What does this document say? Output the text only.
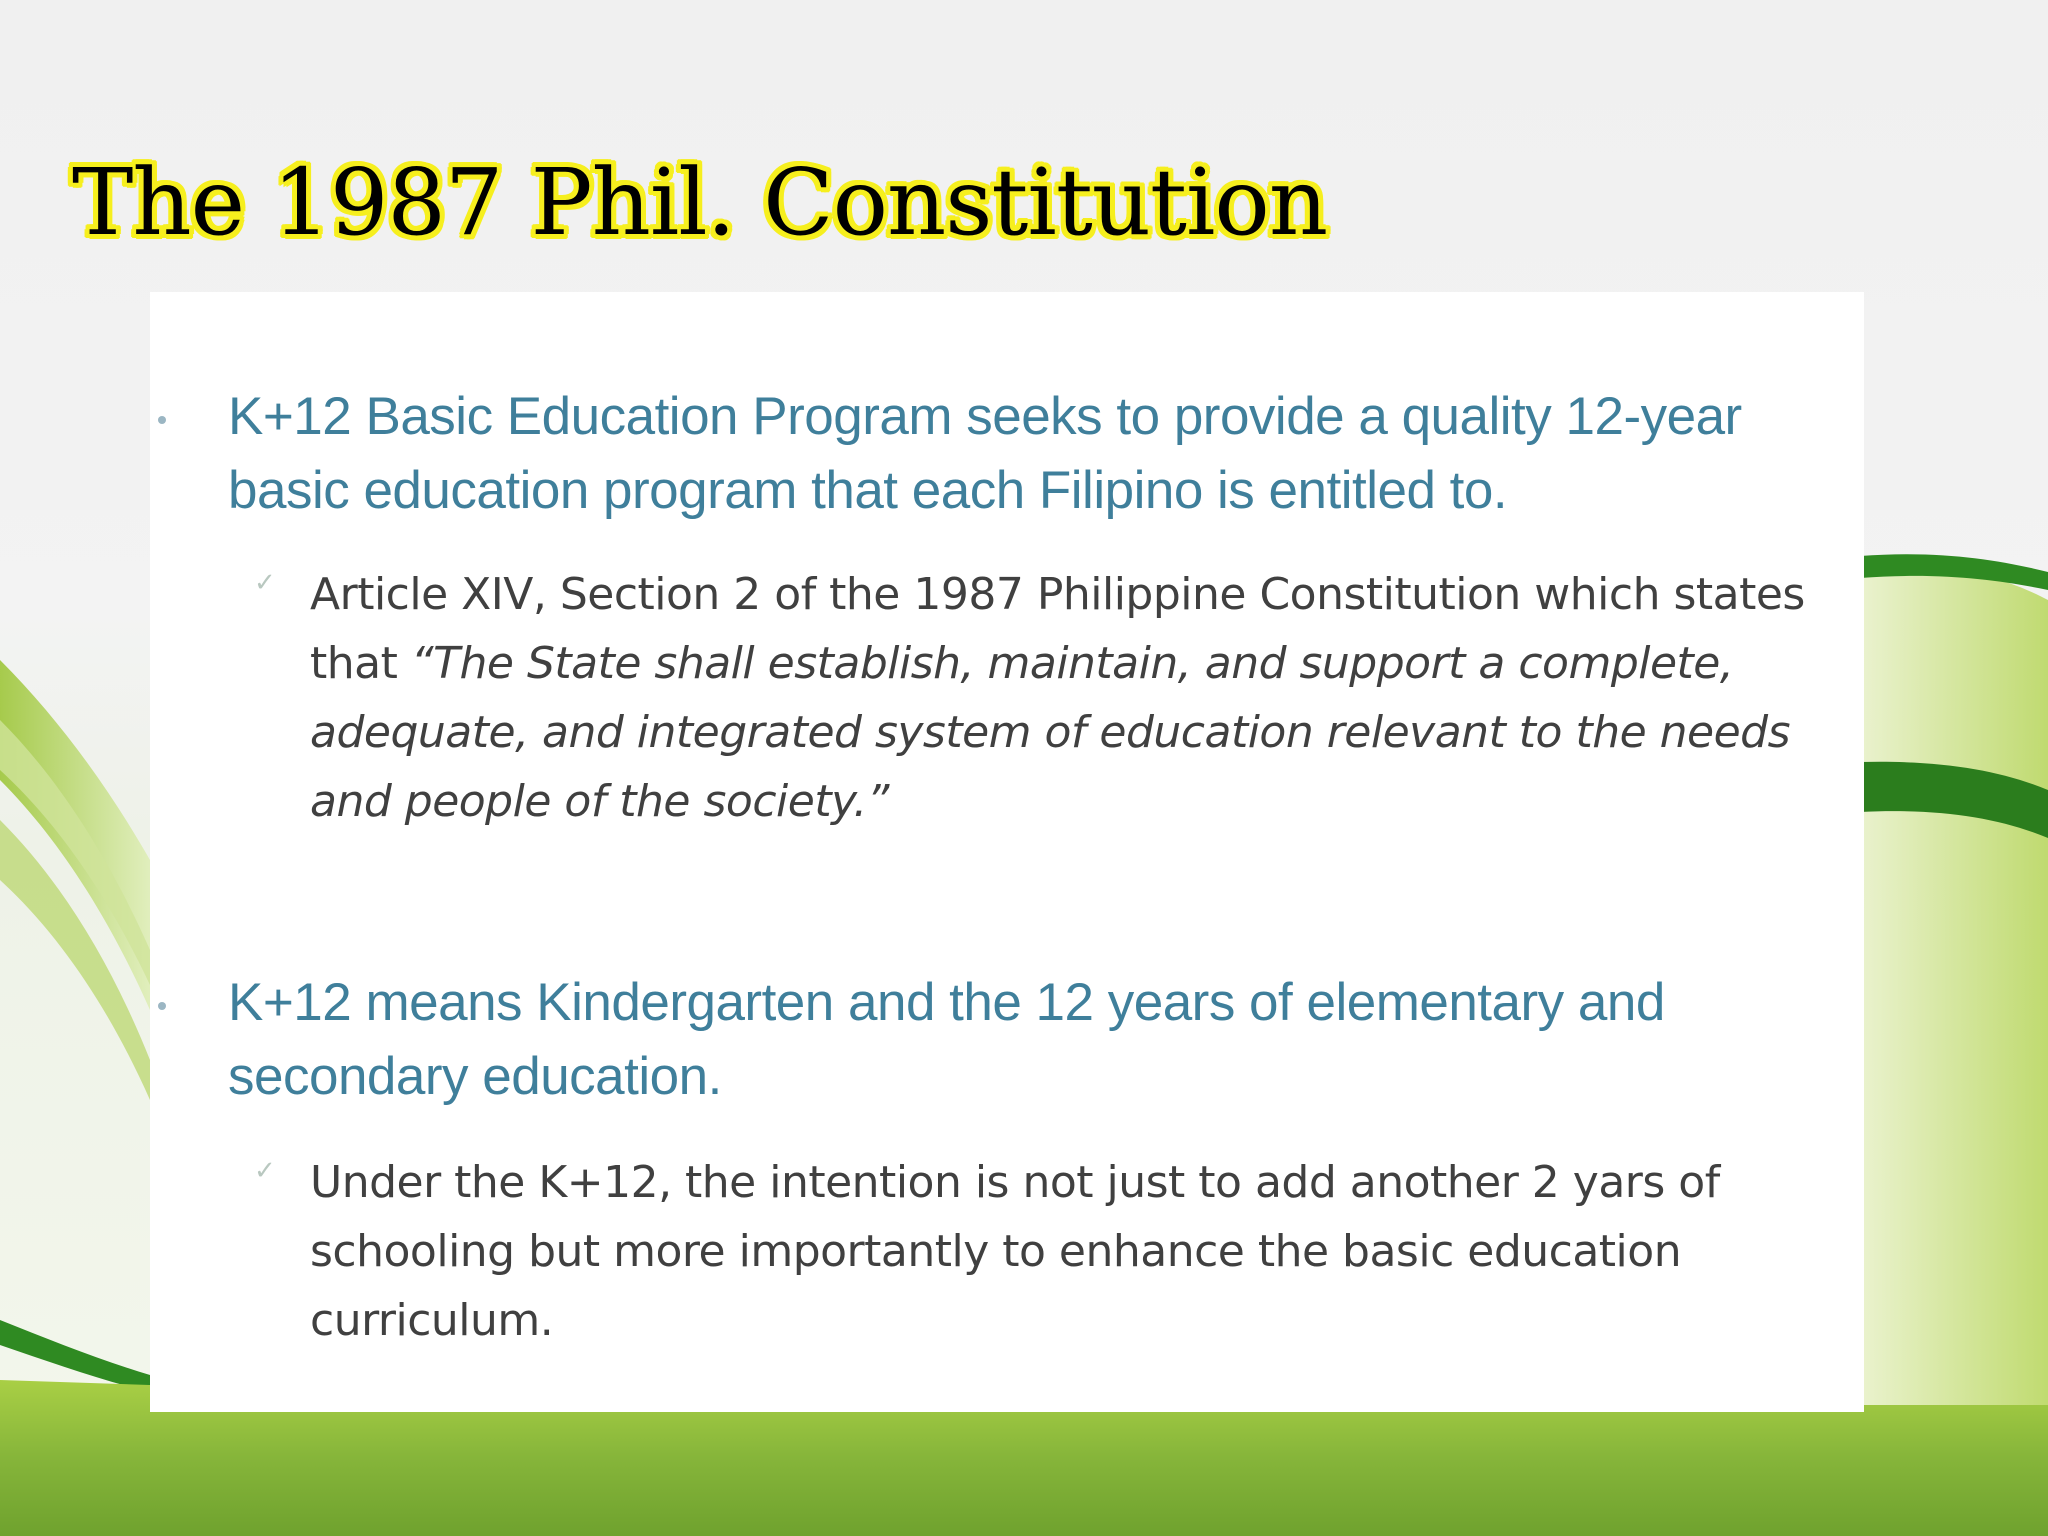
The 1987 Phil. Constitution
K+12 Basic Education Program seeks to provide a quality 12-year basic education program that each Filipino is entitled to.
✓ Article XIV, Section 2 of the 1987 Philippine Constitution which states that “The State shall establish, maintain, and support a complete, adequate, and integrated system of education relevant to the needs and people of the society.”
K+12 means Kindergarten and the 12 years of elementary and secondary education.
✓ Under the K+12, the intention is not just to add another 2 yars of schooling but more importantly to enhance the basic education curriculum.
